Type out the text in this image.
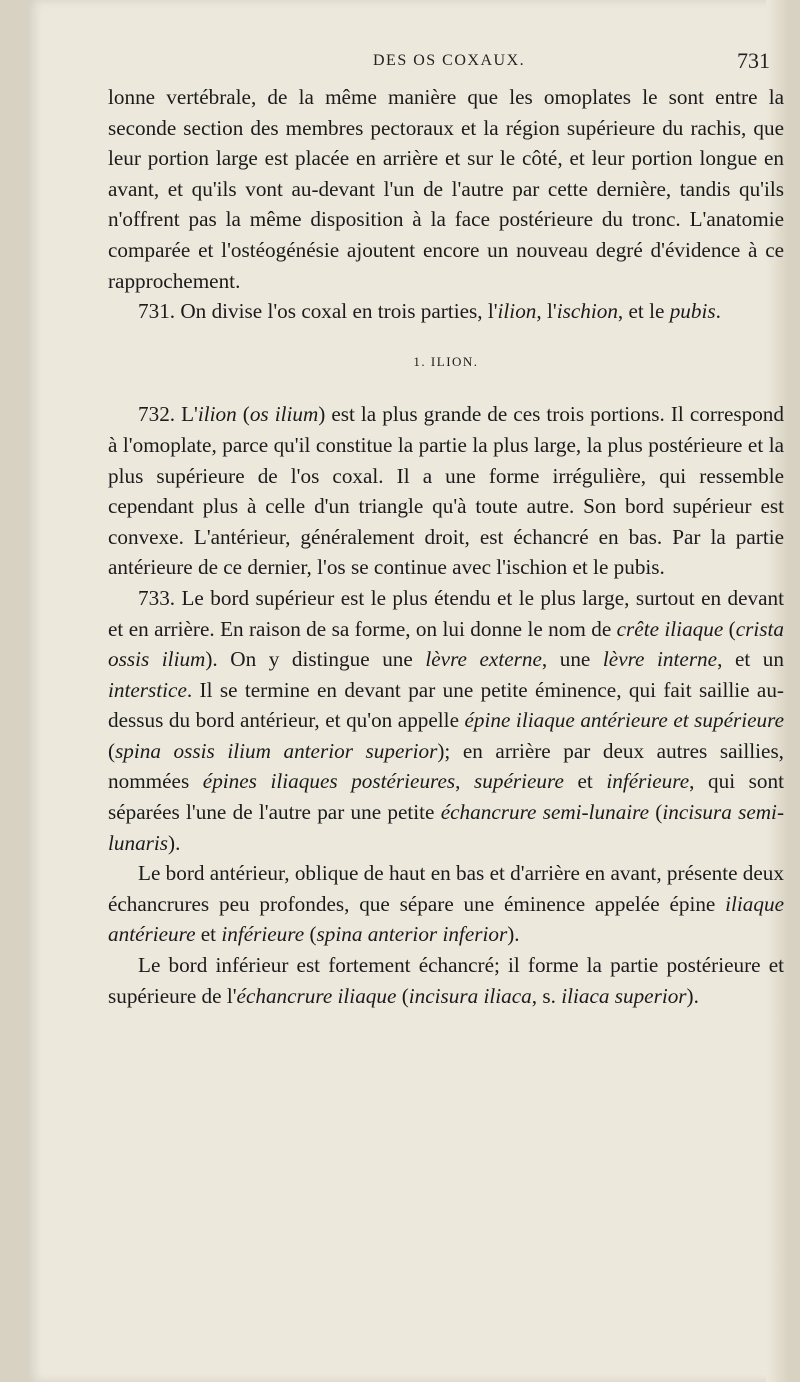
DES OS COXAUX.	731

lonne vertébrale, de la même manière que les omoplates le sont entre la seconde section des membres pectoraux et la région supérieure du rachis, que leur portion large est placée en arrière et sur le côté, et leur portion longue en avant, et qu'ils vont au-devant l'un de l'autre par cette dernière, tandis qu'ils n'offrent pas la même disposition à la face postérieure du tronc. L'anatomie comparée et l'ostéogénésie ajoutent encore un nouveau degré d'évidence à ce rapprochement.

731. On divise l'os coxal en trois parties, l'ilion, l'ischion, et le pubis.

1. ILION.

732. L'ilion (os ilium) est la plus grande de ces trois portions. Il correspond à l'omoplate, parce qu'il constitue la partie la plus large, la plus postérieure et la plus supérieure de l'os coxal. Il a une forme irrégulière, qui ressemble cependant plus à celle d'un triangle qu'à toute autre. Son bord supérieur est convexe. L'antérieur, généralement droit, est échancré en bas. Par la partie antérieure de ce dernier, l'os se continue avec l'ischion et le pubis.

733. Le bord supérieur est le plus étendu et le plus large, surtout en devant et en arrière. En raison de sa forme, on lui donne le nom de crête iliaque (crista ossis ilium). On y distingue une lèvre externe, une lèvre interne, et un interstice. Il se termine en devant par une petite éminence, qui fait saillie au-dessus du bord antérieur, et qu'on appelle épine iliaque antérieure et supérieure (spina ossis ilium anterior superior); en arrière par deux autres saillies, nommées épines iliaques postérieures, supérieure et inférieure, qui sont séparées l'une de l'autre par une petite échancrure semi-lunaire (incisura semi-lunaris).

Le bord antérieur, oblique de haut en bas et d'arrière en avant, présente deux échancrures peu profondes, que sépare une éminence appelée épine iliaque antérieure et inférieure (spina anterior inferior).

Le bord inférieur est fortement échancré; il forme la partie postérieure et supérieure de l'échancrure iliaque (incisura iliaca, s. iliaca superior).
